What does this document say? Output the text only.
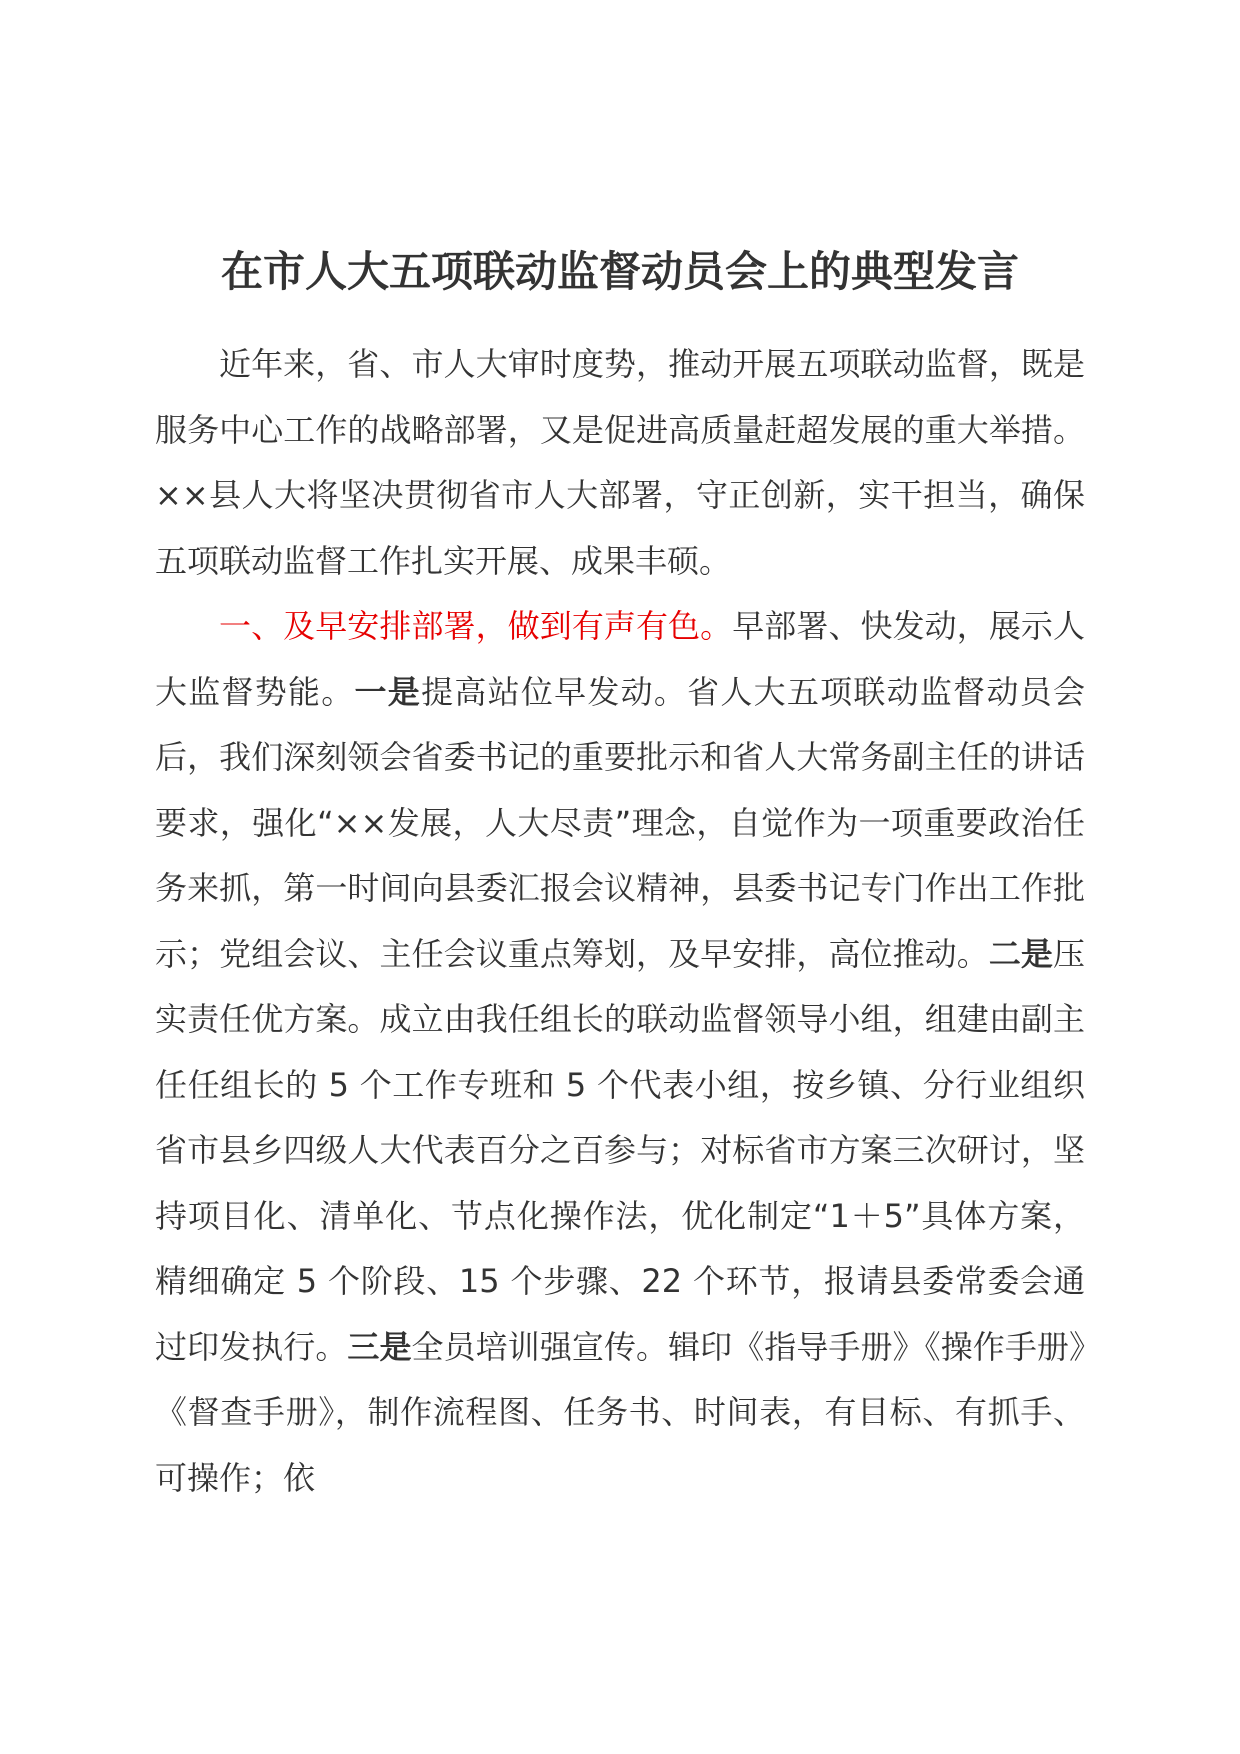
在市人大五项联动监督动员会上的典型发言

近年来，省、市人大审时度势，推动开展五项联动监督，既是服务中心工作的战略部署，又是促进高质量赶超发展的重大举措。××县人大将坚决贯彻省市人大部署，守正创新，实干担当，确保五项联动监督工作扎实开展、成果丰硕。

一、及早安排部署，做到有声有色。早部署、快发动，展示人大监督势能。一是提高站位早发动。省人大五项联动监督动员会后，我们深刻领会省委书记的重要批示和省人大常务副主任的讲话要求，强化“××发展，人大尽责”理念，自觉作为一项重要政治任务来抓，第一时间向县委汇报会议精神，县委书记专门作出工作批示；党组会议、主任会议重点筹划，及早安排，高位推动。二是压实责任优方案。成立由我任组长的联动监督领导小组，组建由副主任任组长的 5 个工作专班和 5 个代表小组，按乡镇、分行业组织省市县乡四级人大代表百分之百参与；对标省市方案三次研讨，坚持项目化、清单化、节点化操作法，优化制定“1＋5”具体方案，精细确定 5 个阶段、15 个步骤、22 个环节，报请县委常委会通过印发执行。三是全员培训强宣传。辑印《指导手册》《操作手册》《督查手册》，制作流程图、任务书、时间表，有目标、有抓手、可操作；依
